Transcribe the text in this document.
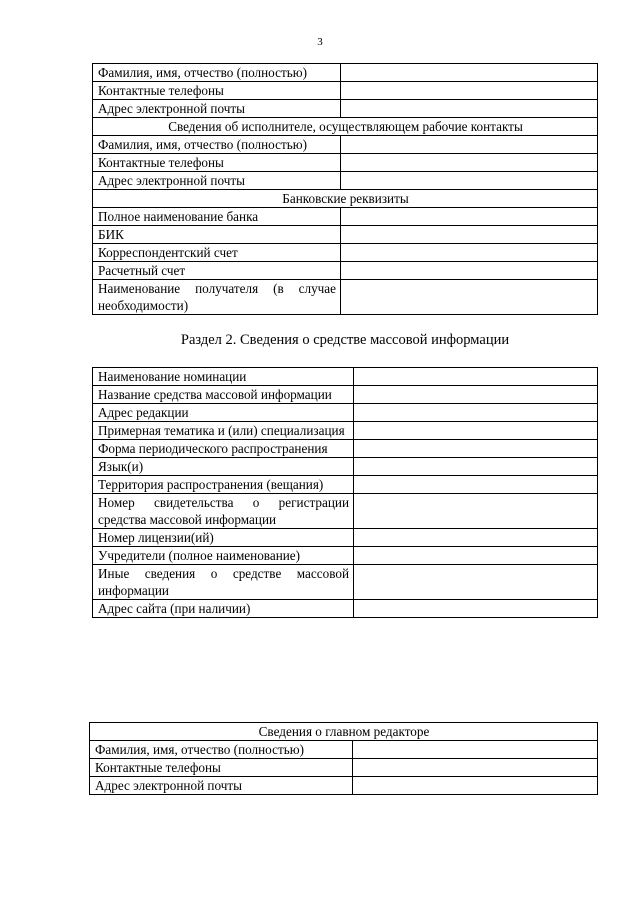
3
Фамилия, имя, отчество (полностью)	
Контактные телефоны	
Адрес электронной почты	
Сведения об исполнителе, осуществляющем рабочие контакты	
Фамилия, имя, отчество (полностью)	
Контактные телефоны	
Адрес электронной почты	
Банковские реквизиты	
Полное наименование банка	
БИК	
Корреспондентский счет	
Расчетный счет	
Наименование получателя (в случае необходимости)	
Раздел 2. Сведения о средстве массовой информации
Наименование номинации	
Название средства массовой информации	
Адрес редакции	
Примерная тематика и (или) специализация	
Форма периодического распространения	
Язык(и)	
Территория распространения (вещания)	
Номер свидетельства о регистрации средства массовой информации	
Номер лицензии(ий)	
Учредители (полное наименование)	
Иные сведения о средстве массовой информации	
Адрес сайта (при наличии)	
Сведения о главном редакторе	
Фамилия, имя, отчество (полностью)	
Контактные телефоны	
Адрес электронной почты	
